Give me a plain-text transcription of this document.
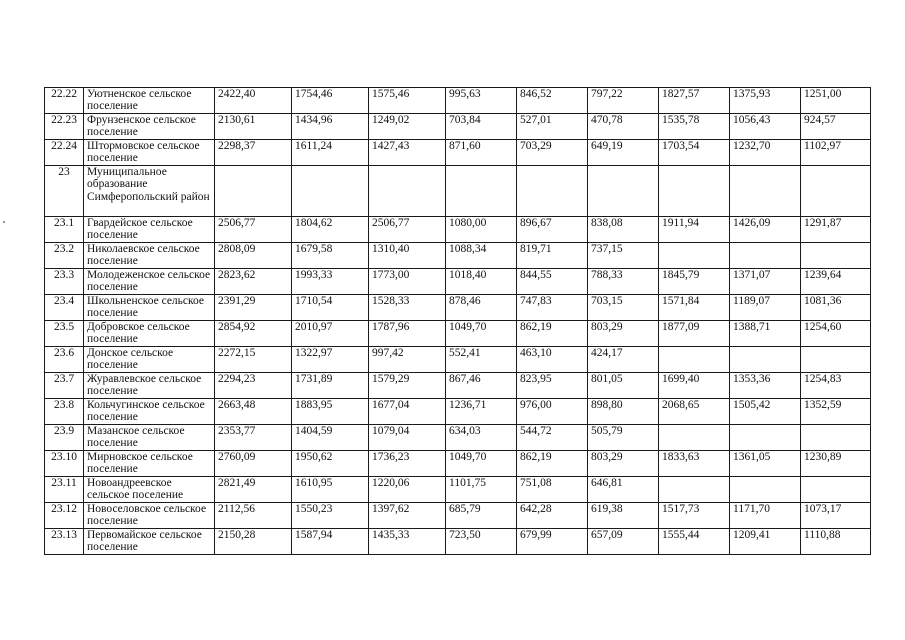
22.22	Уютненское сельское поселение	2422,40	1754,46	1575,46	995,63	846,52	797,22	1827,57	1375,93	1251,00
22.23	Фрунзенское сельское поселение	2130,61	1434,96	1249,02	703,84	527,01	470,78	1535,78	1056,43	924,57
22.24	Штормовское сельское поселение	2298,37	1611,24	1427,43	871,60	703,29	649,19	1703,54	1232,70	1102,97
23	Муниципальное образование Симферопольский район									
23.1	Гвардейское сельское поселение	2506,77	1804,62	2506,77	1080,00	896,67	838,08	1911,94	1426,09	1291,87
23.2	Николаевское сельское поселение	2808,09	1679,58	1310,40	1088,34	819,71	737,15			
23.3	Молодеженское сельское поселение	2823,62	1993,33	1773,00	1018,40	844,55	788,33	1845,79	1371,07	1239,64
23.4	Школьненское сельское поселение	2391,29	1710,54	1528,33	878,46	747,83	703,15	1571,84	1189,07	1081,36
23.5	Добровское сельское поселение	2854,92	2010,97	1787,96	1049,70	862,19	803,29	1877,09	1388,71	1254,60
23.6	Донское сельское поселение	2272,15	1322,97	997,42	552,41	463,10	424,17			
23.7	Журавлевское сельское поселение	2294,23	1731,89	1579,29	867,46	823,95	801,05	1699,40	1353,36	1254,83
23.8	Кольчугинское сельское поселение	2663,48	1883,95	1677,04	1236,71	976,00	898,80	2068,65	1505,42	1352,59
23.9	Мазанское сельское поселение	2353,77	1404,59	1079,04	634,03	544,72	505,79			
23.10	Мирновское сельское поселение	2760,09	1950,62	1736,23	1049,70	862,19	803,29	1833,63	1361,05	1230,89
23.11	Новоандреевское сельское поселение	2821,49	1610,95	1220,06	1101,75	751,08	646,81			
23.12	Новоселовское сельское поселение	2112,56	1550,23	1397,62	685,79	642,28	619,38	1517,73	1171,70	1073,17
23.13	Первомайское сельское поселение	2150,28	1587,94	1435,33	723,50	679,99	657,09	1555,44	1209,41	1110,88
